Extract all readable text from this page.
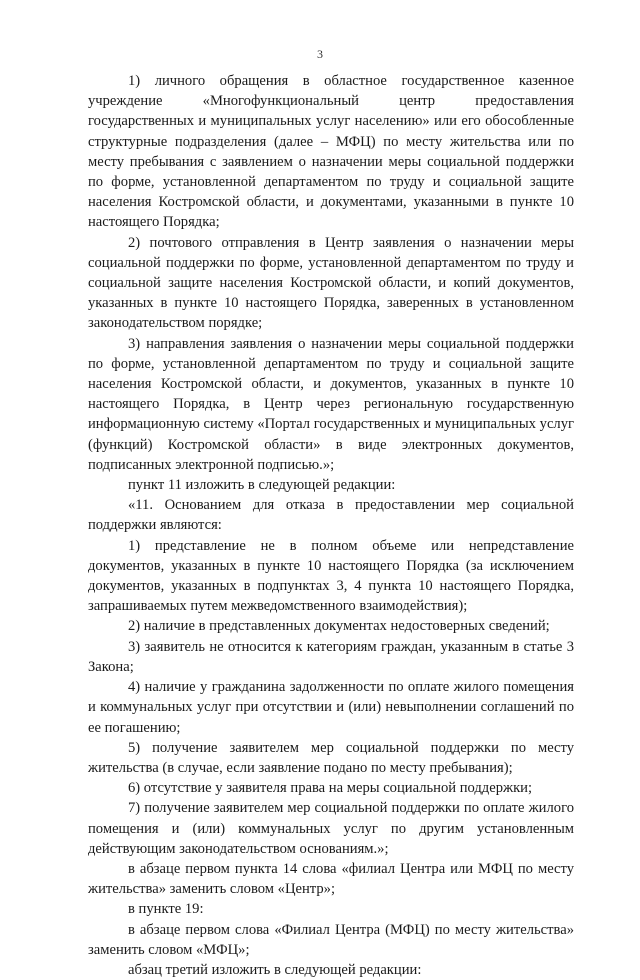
3

1) личного обращения в областное государственное казенное учреждение «Многофункциональный центр предоставления государственных и муниципальных услуг населению» или его обособленные структурные подразделения (далее – МФЦ) по месту жительства или по месту пребывания с заявлением о назначении меры социальной поддержки по форме, установленной департаментом по труду и социальной защите населения Костромской области, и документами, указанными в пункте 10 настоящего Порядка;

2) почтового отправления в Центр заявления о назначении меры социальной поддержки по форме, установленной департаментом по труду и социальной защите населения Костромской области, и копий документов, указанных в пункте 10 настоящего Порядка, заверенных в установленном законодательством порядке;

3) направления заявления о назначении меры социальной поддержки по форме, установленной департаментом по труду и социальной защите населения Костромской области, и документов, указанных в пункте 10 настоящего Порядка, в Центр через региональную государственную информационную систему «Портал государственных и муниципальных услуг (функций) Костромской области» в виде электронных документов, подписанных электронной подписью.»;

пункт 11 изложить в следующей редакции:

«11. Основанием для отказа в предоставлении мер социальной поддержки являются:

1) представление не в полном объеме или непредставление документов, указанных в пункте 10 настоящего Порядка (за исключением документов, указанных в подпунктах 3, 4 пункта 10 настоящего Порядка, запрашиваемых путем межведомственного взаимодействия);

2) наличие в представленных документах недостоверных сведений;

3) заявитель не относится к категориям граждан, указанным в статье 3 Закона;

4) наличие у гражданина задолженности по оплате жилого помещения и коммунальных услуг при отсутствии и (или) невыполнении соглашений по ее погашению;

5) получение заявителем мер социальной поддержки по месту жительства (в случае, если заявление подано по месту пребывания);

6) отсутствие у заявителя права на меры социальной поддержки;

7) получение заявителем мер социальной поддержки по оплате жилого помещения и (или) коммунальных услуг по другим установленным действующим законодательством основаниям.»;

в абзаце первом пункта 14 слова «филиал Центра или МФЦ по месту жительства» заменить словом «Центр»;

в пункте 19:

в абзаце первом слова «Филиал Центра (МФЦ) по месту жительства» заменить словом «МФЦ»;

абзац третий изложить в следующей редакции:
